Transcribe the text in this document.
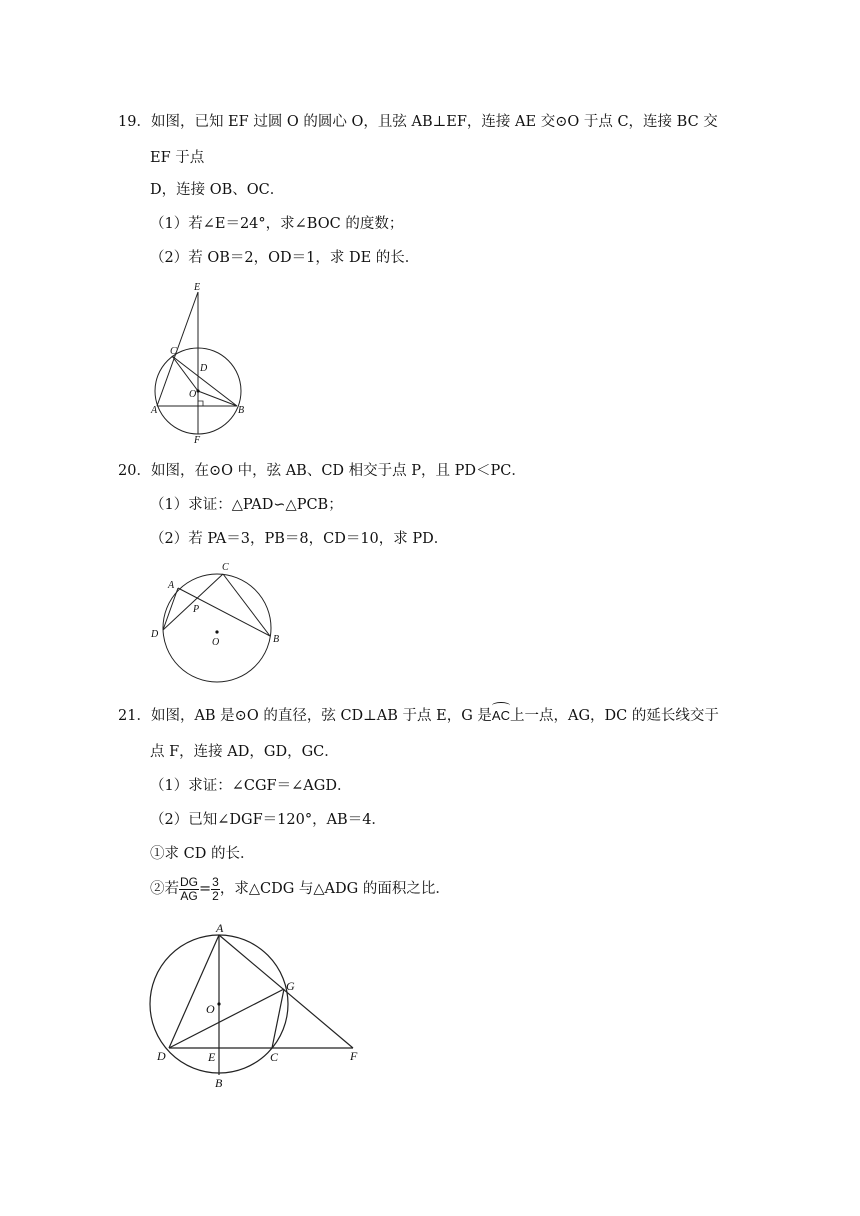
19．如图，已知 EF 过圆 O 的圆心 O，且弦 AB⊥EF，连接 AE 交⊙O 于点 C，连接 BC 交
EF 于点
D，连接 OB、OC．
（1）若∠E＝24°，求∠BOC 的度数；
（2）若 OB＝2，OD＝1，求 DE 的长．
E
C
D
O
A	B
F
20．如图，在⊙O 中，弦 AB、CD 相交于点 P，且 PD＜PC．
（1）求证：△PAD∽△PCB；
（2）若 PA＝3，PB＝8，CD＝10，求 PD．
C
A
P
D
O	B
21．如图，AB 是⊙O 的直径，弦 CD⊥AB 于点 E，G 是AC上一点，AG，DC 的延长线交于
点 F，连接 AD，GD，GC．
（1）求证：∠CGF＝∠AGD．
（2）已知∠DGF＝120°，AB＝4．
①求 CD 的长．
②若 $\frac{DG}{AG} = \frac{3}{2}$ ，求△CDG 与△ADG 的面积之比．
A
G
O
D	E	C	F
B
